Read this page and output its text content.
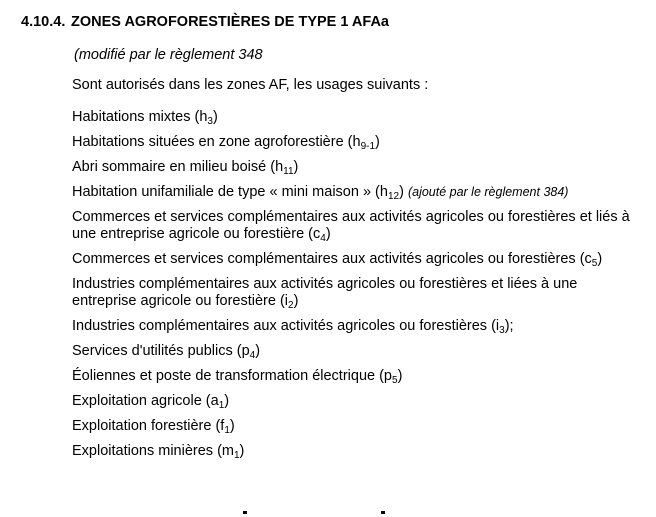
4.10.4. ZONES AGROFORESTIÈRES DE TYPE 1 AFAa
(modifié par le règlement 348
Sont autorisés dans les zones AF, les usages suivants :
Habitations mixtes $(h_3)$
Habitations situées en zone agroforestière $(h_{9-1})$
Abri sommaire en milieu boisé $(h_{11})$
Habitation unifamiliale de type « mini maison » $(h_{12})$ (ajouté par le règlement 384)
Commerces et services complémentaires aux activités agricoles ou forestières et liés à une entreprise agricole ou forestière $(c_4)$
Commerces et services complémentaires aux activités agricoles ou forestières $(c_5)$
Industries complémentaires aux activités agricoles ou forestières et liées à une entreprise agricole ou forestière $(i_2)$
Industries complémentaires aux activités agricoles ou forestières $(i_3)$;
Services d'utilités publics $(p_4)$
Éoliennes et poste de transformation électrique $(p_5)$
Exploitation agricole $(a_1)$
Exploitation forestière $(f_1)$
Exploitations minières $(m_1)$
